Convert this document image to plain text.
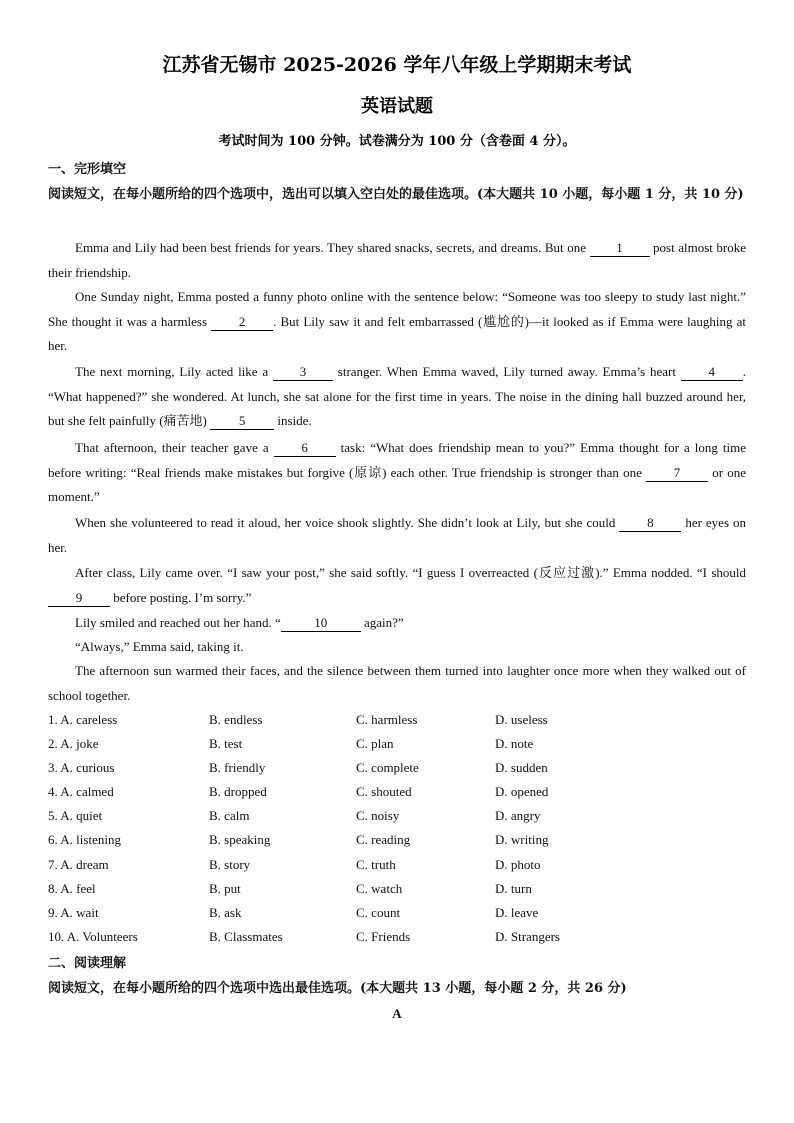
江苏省无锡市 2025-2026 学年八年级上学期期末考试
英语试题
考试时间为 100 分钟。试卷满分为 100 分（含卷面 4 分）。
一、完形填空
阅读短文，在每小题所给的四个选项中，选出可以填入空白处的最佳选项。(本大题共 10 小题，每小题 1 分，共 10 分)
Emma and Lily had been best friends for years. They shared snacks, secrets, and dreams. But one 1 post almost broke their friendship.
One Sunday night, Emma posted a funny photo online with the sentence below: “Someone was too sleepy to study last night.” She thought it was a harmless 2 . But Lily saw it and felt embarrassed (尴尬的)—it looked as if Emma were laughing at her.
The next morning, Lily acted like a 3 stranger. When Emma waved, Lily turned away. Emma’s heart 4 . “What happened?” she wondered. At lunch, she sat alone for the first time in years. The noise in the dining hall buzzed around her, but she felt painfully (痛苦地) 5 inside.
That afternoon, their teacher gave a 6 task: “What does friendship mean to you?” Emma thought for a long time before writing: “Real friends make mistakes but forgive (原谅) each other. True friendship is stronger than one 7 or one moment.”
When she volunteered to read it aloud, her voice shook slightly. She didn’t look at Lily, but she could 8 her eyes on her.
After class, Lily came over. “I saw your post,” she said softly. “I guess I overreacted (反应过激).” Emma nodded. “I should 9 before posting. I’m sorry.”
Lily smiled and reached out her hand. “	10	again?”
“Always,” Emma said, taking it.
The afternoon sun warmed their faces, and the silence between them turned into laughter once more when they walked out of school together.
1. A. careless	B. endless	C. harmless	D. useless
2. A. joke	B. test	C. plan	D. note
3. A. curious	B. friendly	C. complete	D. sudden
4. A. calmed	B. dropped	C. shouted	D. opened
5. A. quiet	B. calm	C. noisy	D. angry
6. A. listening	B. speaking	C. reading	D. writing
7. A. dream	B. story	C. truth	D. photo
8. A. feel	B. put	C. watch	D. turn
9. A. wait	B. ask	C. count	D. leave
10. A. Volunteers	B. Classmates	C. Friends	D. Strangers
二、阅读理解
阅读短文，在每小题所给的四个选项中选出最佳选项。(本大题共 13 小题，每小题 2 分，共 26 分)
A
